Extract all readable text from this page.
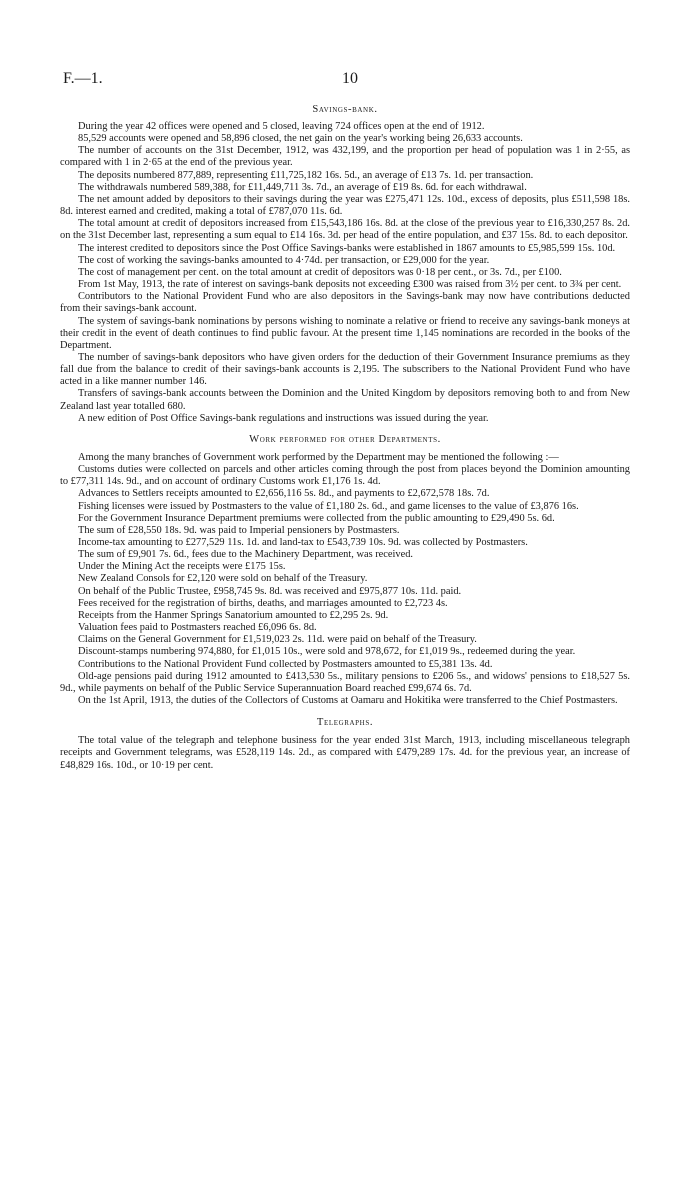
F.—1.	10
Savings-bank.

During the year 42 offices were opened and 5 closed, leaving 724 offices open at the end of 1912.

85,529 accounts were opened and 58,896 closed, the net gain on the year's working being 26,633 accounts.

The number of accounts on the 31st December, 1912, was 432,199, and the proportion per head of population was 1 in 2·55, as compared with 1 in 2·65 at the end of the previous year.

The deposits numbered 877,889, representing £11,725,182 16s. 5d., an average of £13 7s. 1d. per transaction.

The withdrawals numbered 589,388, for £11,449,711 3s. 7d., an average of £19 8s. 6d. for each withdrawal.

The net amount added by depositors to their savings during the year was £275,471 12s. 10d., excess of deposits, plus £511,598 18s. 8d. interest earned and credited, making a total of £787,070 11s. 6d.

The total amount at credit of depositors increased from £15,543,186 16s. 8d. at the close of the previous year to £16,330,257 8s. 2d. on the 31st December last, representing a sum equal to £14 16s. 3d. per head of the entire population, and £37 15s. 8d. to each depositor.

The interest credited to depositors since the Post Office Savings-banks were established in 1867 amounts to £5,985,599 15s. 10d.

The cost of working the savings-banks amounted to 4·74d. per transaction, or £29,000 for the year.

The cost of management per cent. on the total amount at credit of depositors was 0·18 per cent., or 3s. 7d., per £100.

From 1st May, 1913, the rate of interest on savings-bank deposits not exceeding £300 was raised from 3½ per cent. to 3¾ per cent.

Contributors to the National Provident Fund who are also depositors in the Savings-bank may now have contributions deducted from their savings-bank account.

The system of savings-bank nominations by persons wishing to nominate a relative or friend to receive any savings-bank moneys at their credit in the event of death continues to find public favour. At the present time 1,145 nominations are recorded in the books of the Department.

The number of savings-bank depositors who have given orders for the deduction of their Government Insurance premiums as they fall due from the balance to credit of their savings-bank accounts is 2,195. The subscribers to the National Provident Fund who have acted in a like manner number 146.

Transfers of savings-bank accounts between the Dominion and the United Kingdom by depositors removing both to and from New Zealand last year totalled 680.

A new edition of Post Office Savings-bank regulations and instructions was issued during the year.

Work performed for other Departments.

Among the many branches of Government work performed by the Department may be mentioned the following :—

Customs duties were collected on parcels and other articles coming through the post from places beyond the Dominion amounting to £77,311 14s. 9d., and on account of ordinary Customs work £1,176 1s. 4d.

Advances to Settlers receipts amounted to £2,656,116 5s. 8d., and payments to £2,672,578 18s. 7d.

Fishing licenses were issued by Postmasters to the value of £1,180 2s. 6d., and game licenses to the value of £3,876 16s.

For the Government Insurance Department premiums were collected from the public amounting to £29,490 5s. 6d.

The sum of £28,550 18s. 9d. was paid to Imperial pensioners by Postmasters.

Income-tax amounting to £277,529 11s. 1d. and land-tax to £543,739 10s. 9d. was collected by Postmasters.

The sum of £9,901 7s. 6d., fees due to the Machinery Department, was received.

Under the Mining Act the receipts were £175 15s.

New Zealand Consols for £2,120 were sold on behalf of the Treasury.

On behalf of the Public Trustee, £958,745 9s. 8d. was received and £975,877 10s. 11d. paid.

Fees received for the registration of births, deaths, and marriages amounted to £2,723 4s.

Receipts from the Hanmer Springs Sanatorium amounted to £2,295 2s. 9d.

Valuation fees paid to Postmasters reached £6,096 6s. 8d.

Claims on the General Government for £1,519,023 2s. 11d. were paid on behalf of the Treasury.

Discount-stamps numbering 974,880, for £1,015 10s., were sold and 978,672, for £1,019 9s., redeemed during the year.

Contributions to the National Provident Fund collected by Postmasters amounted to £5,381 13s. 4d.

Old-age pensions paid during 1912 amounted to £413,530 5s., military pensions to £206 5s., and widows' pensions to £18,527 5s. 9d., while payments on behalf of the Public Service Superannuation Board reached £99,674 6s. 7d.

On the 1st April, 1913, the duties of the Collectors of Customs at Oamaru and Hokitika were transferred to the Chief Postmasters.

Telegraphs.

The total value of the telegraph and telephone business for the year ended 31st March, 1913, including miscellaneous telegraph receipts and Government telegrams, was £528,119 14s. 2d., as compared with £479,289 17s. 4d. for the previous year, an increase of £48,829 16s. 10d., or 10·19 per cent.
